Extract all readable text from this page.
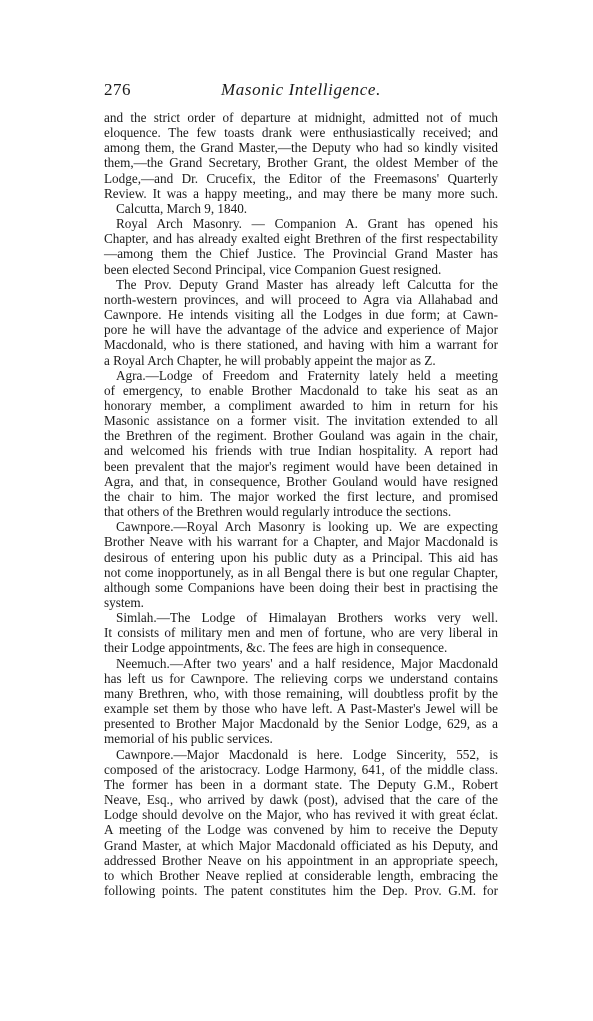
276	Masonic Intelligence.
and the strict order of departure at midnight, admitted not of much
eloquence. The few toasts drank were enthusiastically received; and
among them, the Grand Master,—the Deputy who had so kindly visited
them,—the Grand Secretary, Brother Grant, the oldest Member of the
Lodge,—and Dr. Crucefix, the Editor of the Freemasons' Quarterly
Review. It was a happy meeting,, and may there be many more such.
Calcutta, March 9, 1840.
Royal Arch Masonry. — Companion A. Grant has opened his
Chapter, and has already exalted eight Brethren of the first respectability
—among them the Chief Justice. The Provincial Grand Master has
been elected Second Principal, vice Companion Guest resigned.
The Prov. Deputy Grand Master has already left Calcutta for the
north-western provinces, and will proceed to Agra via Allahabad and
Cawnpore. He intends visiting all the Lodges in due form; at Cawn-
pore he will have the advantage of the advice and experience of Major
Macdonald, who is there stationed, and having with him a warrant for
a Royal Arch Chapter, he will probably appeint the major as Z.
Agra.—Lodge of Freedom and Fraternity lately held a meeting
of emergency, to enable Brother Macdonald to take his seat as an
honorary member, a compliment awarded to him in return for his
Masonic assistance on a former visit. The invitation extended to all
the Brethren of the regiment. Brother Gouland was again in the chair,
and welcomed his friends with true Indian hospitality. A report had
been prevalent that the major's regiment would have been detained in
Agra, and that, in consequence, Brother Gouland would have resigned
the chair to him. The major worked the first lecture, and promised
that others of the Brethren would regularly introduce the sections.
Cawnpore.—Royal Arch Masonry is looking up. We are expecting
Brother Neave with his warrant for a Chapter, and Major Macdonald is
desirous of entering upon his public duty as a Principal. This aid has
not come inopportunely, as in all Bengal there is but one regular Chapter,
although some Companions have been doing their best in practising the
system.
Simlah.—The Lodge of Himalayan Brothers works very well.
It consists of military men and men of fortune, who are very liberal in
their Lodge appointments, &c. The fees are high in consequence.
Neemuch.—After two years' and a half residence, Major Macdonald
has left us for Cawnpore. The relieving corps we understand contains
many Brethren, who, with those remaining, will doubtless profit by the
example set them by those who have left. A Past-Master's Jewel will be
presented to Brother Major Macdonald by the Senior Lodge, 629, as a
memorial of his public services.
Cawnpore.—Major Macdonald is here. Lodge Sincerity, 552, is
composed of the aristocracy. Lodge Harmony, 641, of the middle class.
The former has been in a dormant state. The Deputy G.M., Robert
Neave, Esq., who arrived by dawk (post), advised that the care of the
Lodge should devolve on the Major, who has revived it with great éclat.
A meeting of the Lodge was convened by him to receive the Deputy
Grand Master, at which Major Macdonald officiated as his Deputy, and
addressed Brother Neave on his appointment in an appropriate speech,
to which Brother Neave replied at considerable length, embracing the
following points. The patent constitutes him the Dep. Prov. G.M. for
